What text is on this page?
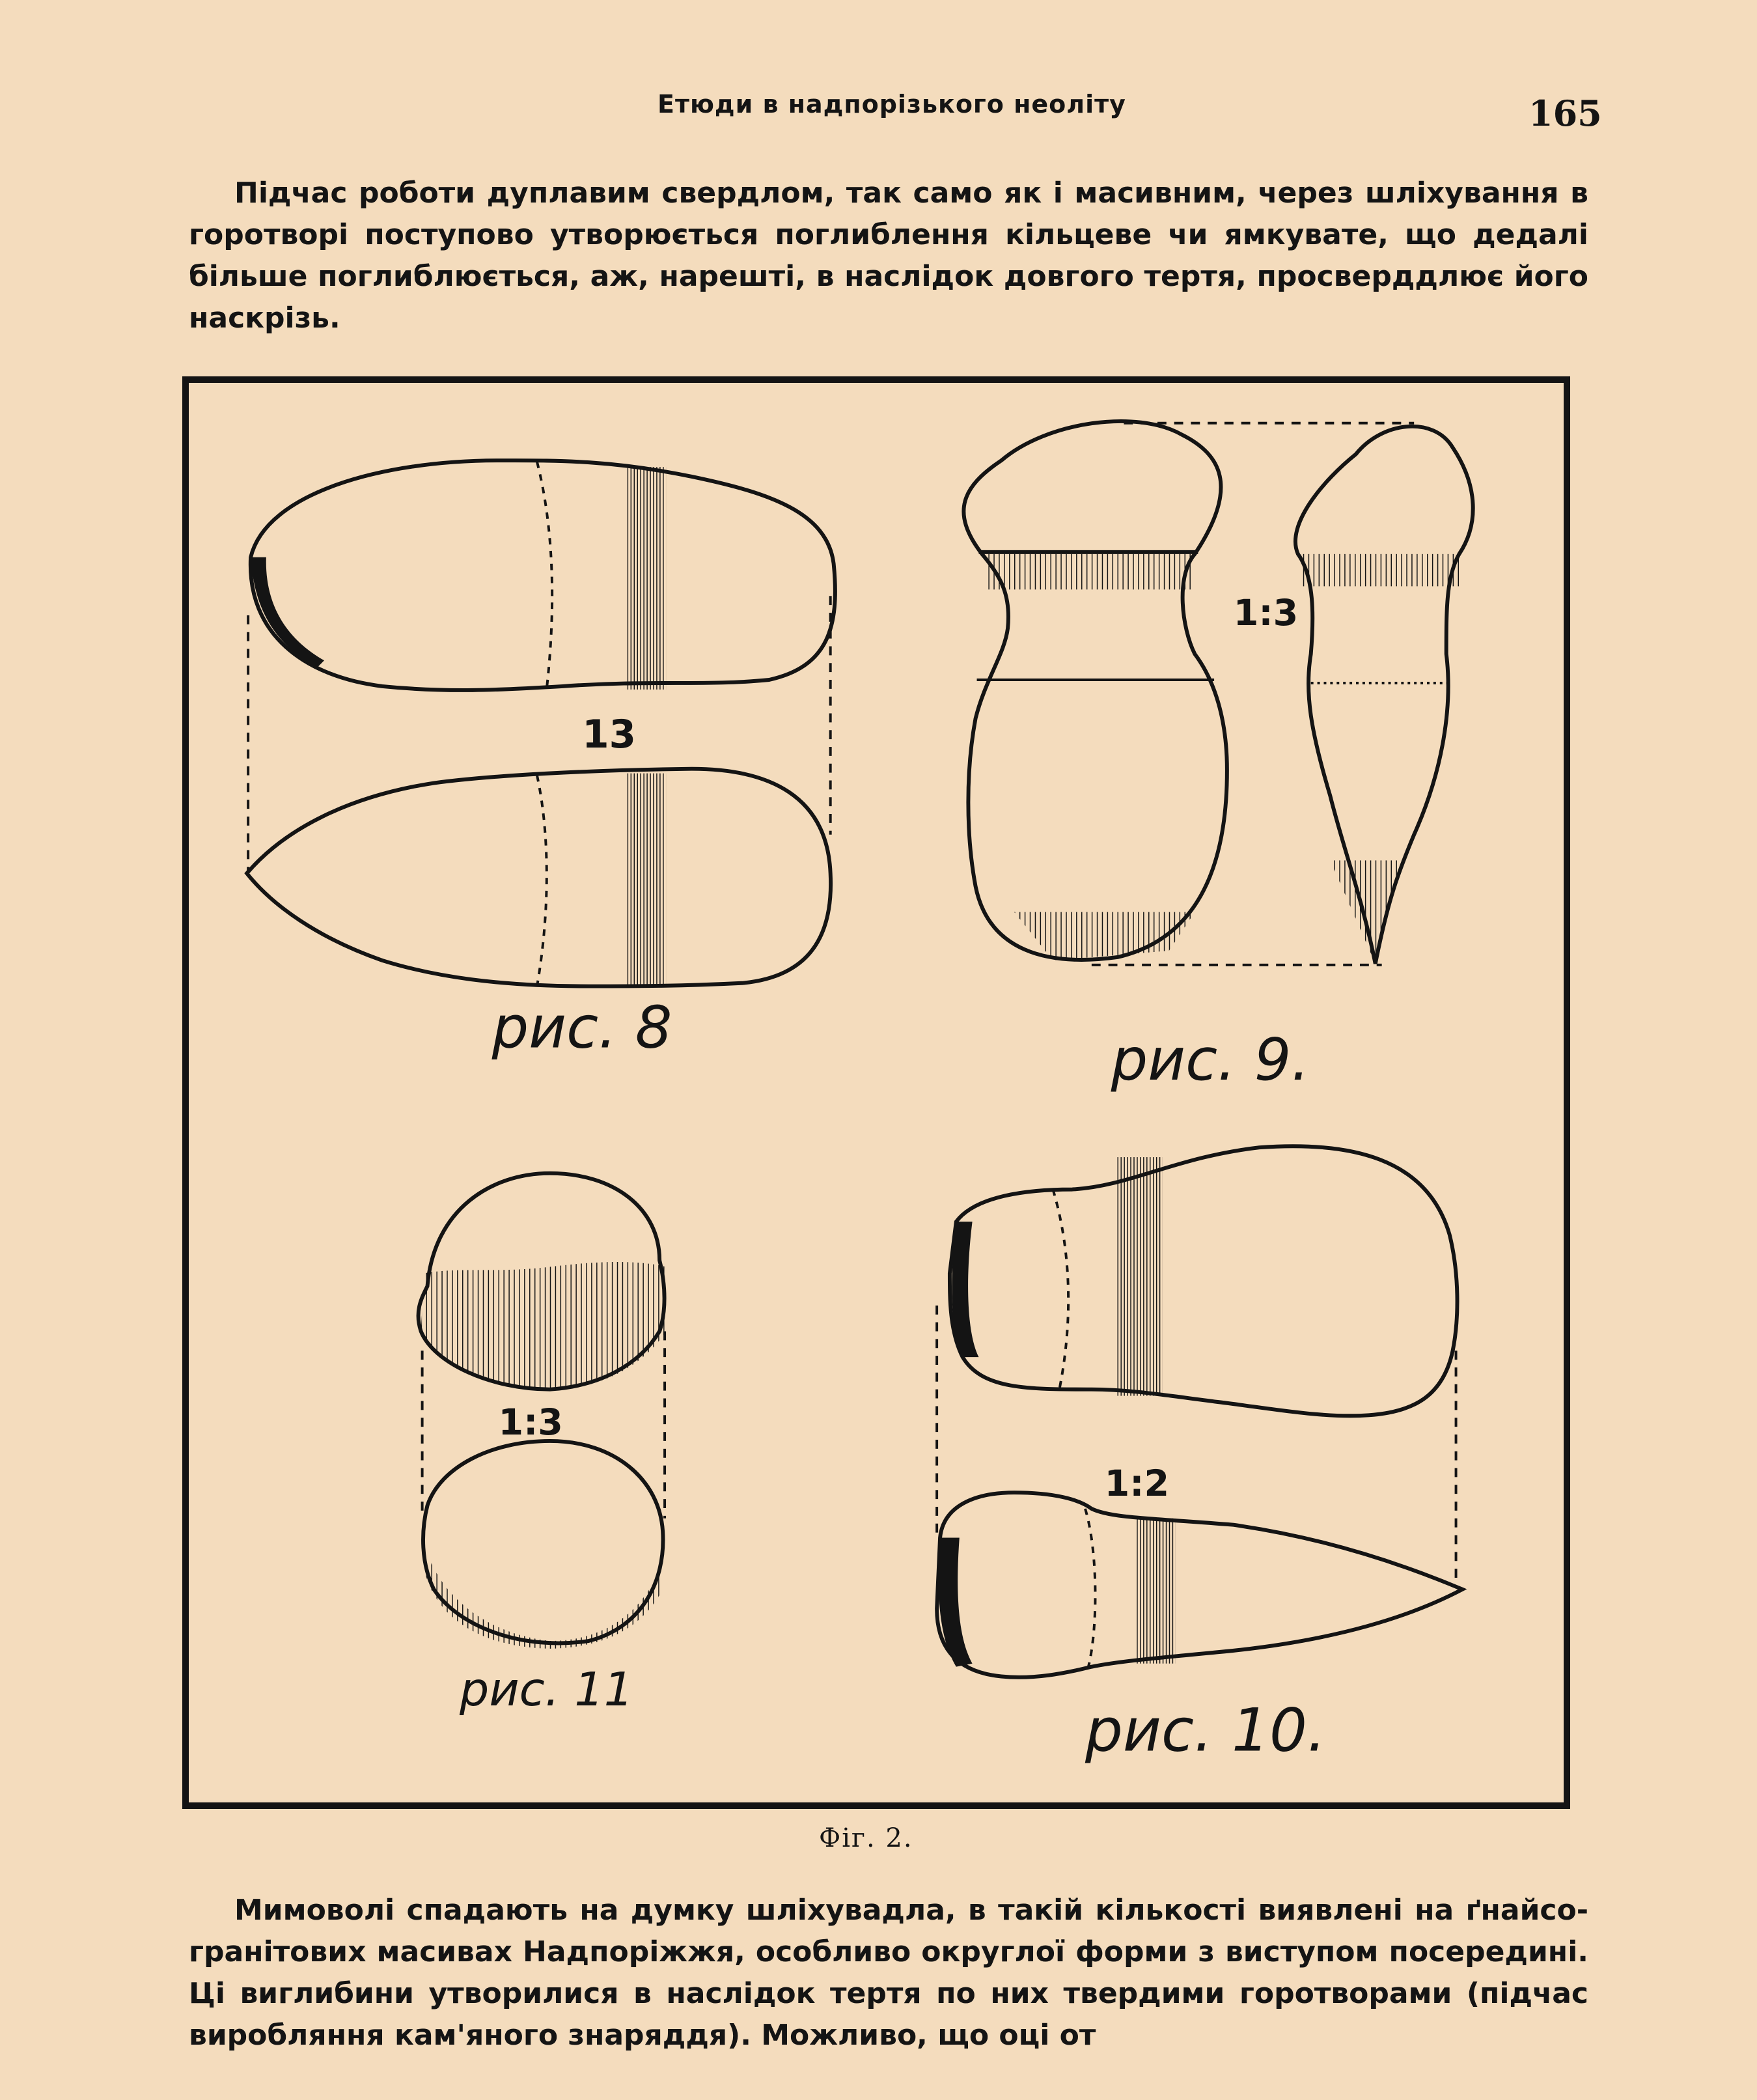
Етюди в надпорізького неоліту	165
Підчас роботи дуплавим свердлом, так само як і масивним, через шліхування в горотворі поступово утворюється поглиблення кільцеве чи ямкувате, що дедалі більше поглиблюється, аж, нарешті, в наслідок довгого тертя, просверддлює його наскрізь.
13
рис. 8
1:3
рис. 9.
1:3
рис. 11
1:2
рис. 10.
Фіг. 2.
Мимоволі спадають на думку шліхувадла, в такій кількості виявлені на ґнайсо-гранітових масивах Надпоріжжя, особливо округлої форми з виступом посередині. Ці виглибини утворилися в наслідок тертя по них твердими горотворами (підчас виробляння кам'яного знаряддя). Можливо, що оці от
